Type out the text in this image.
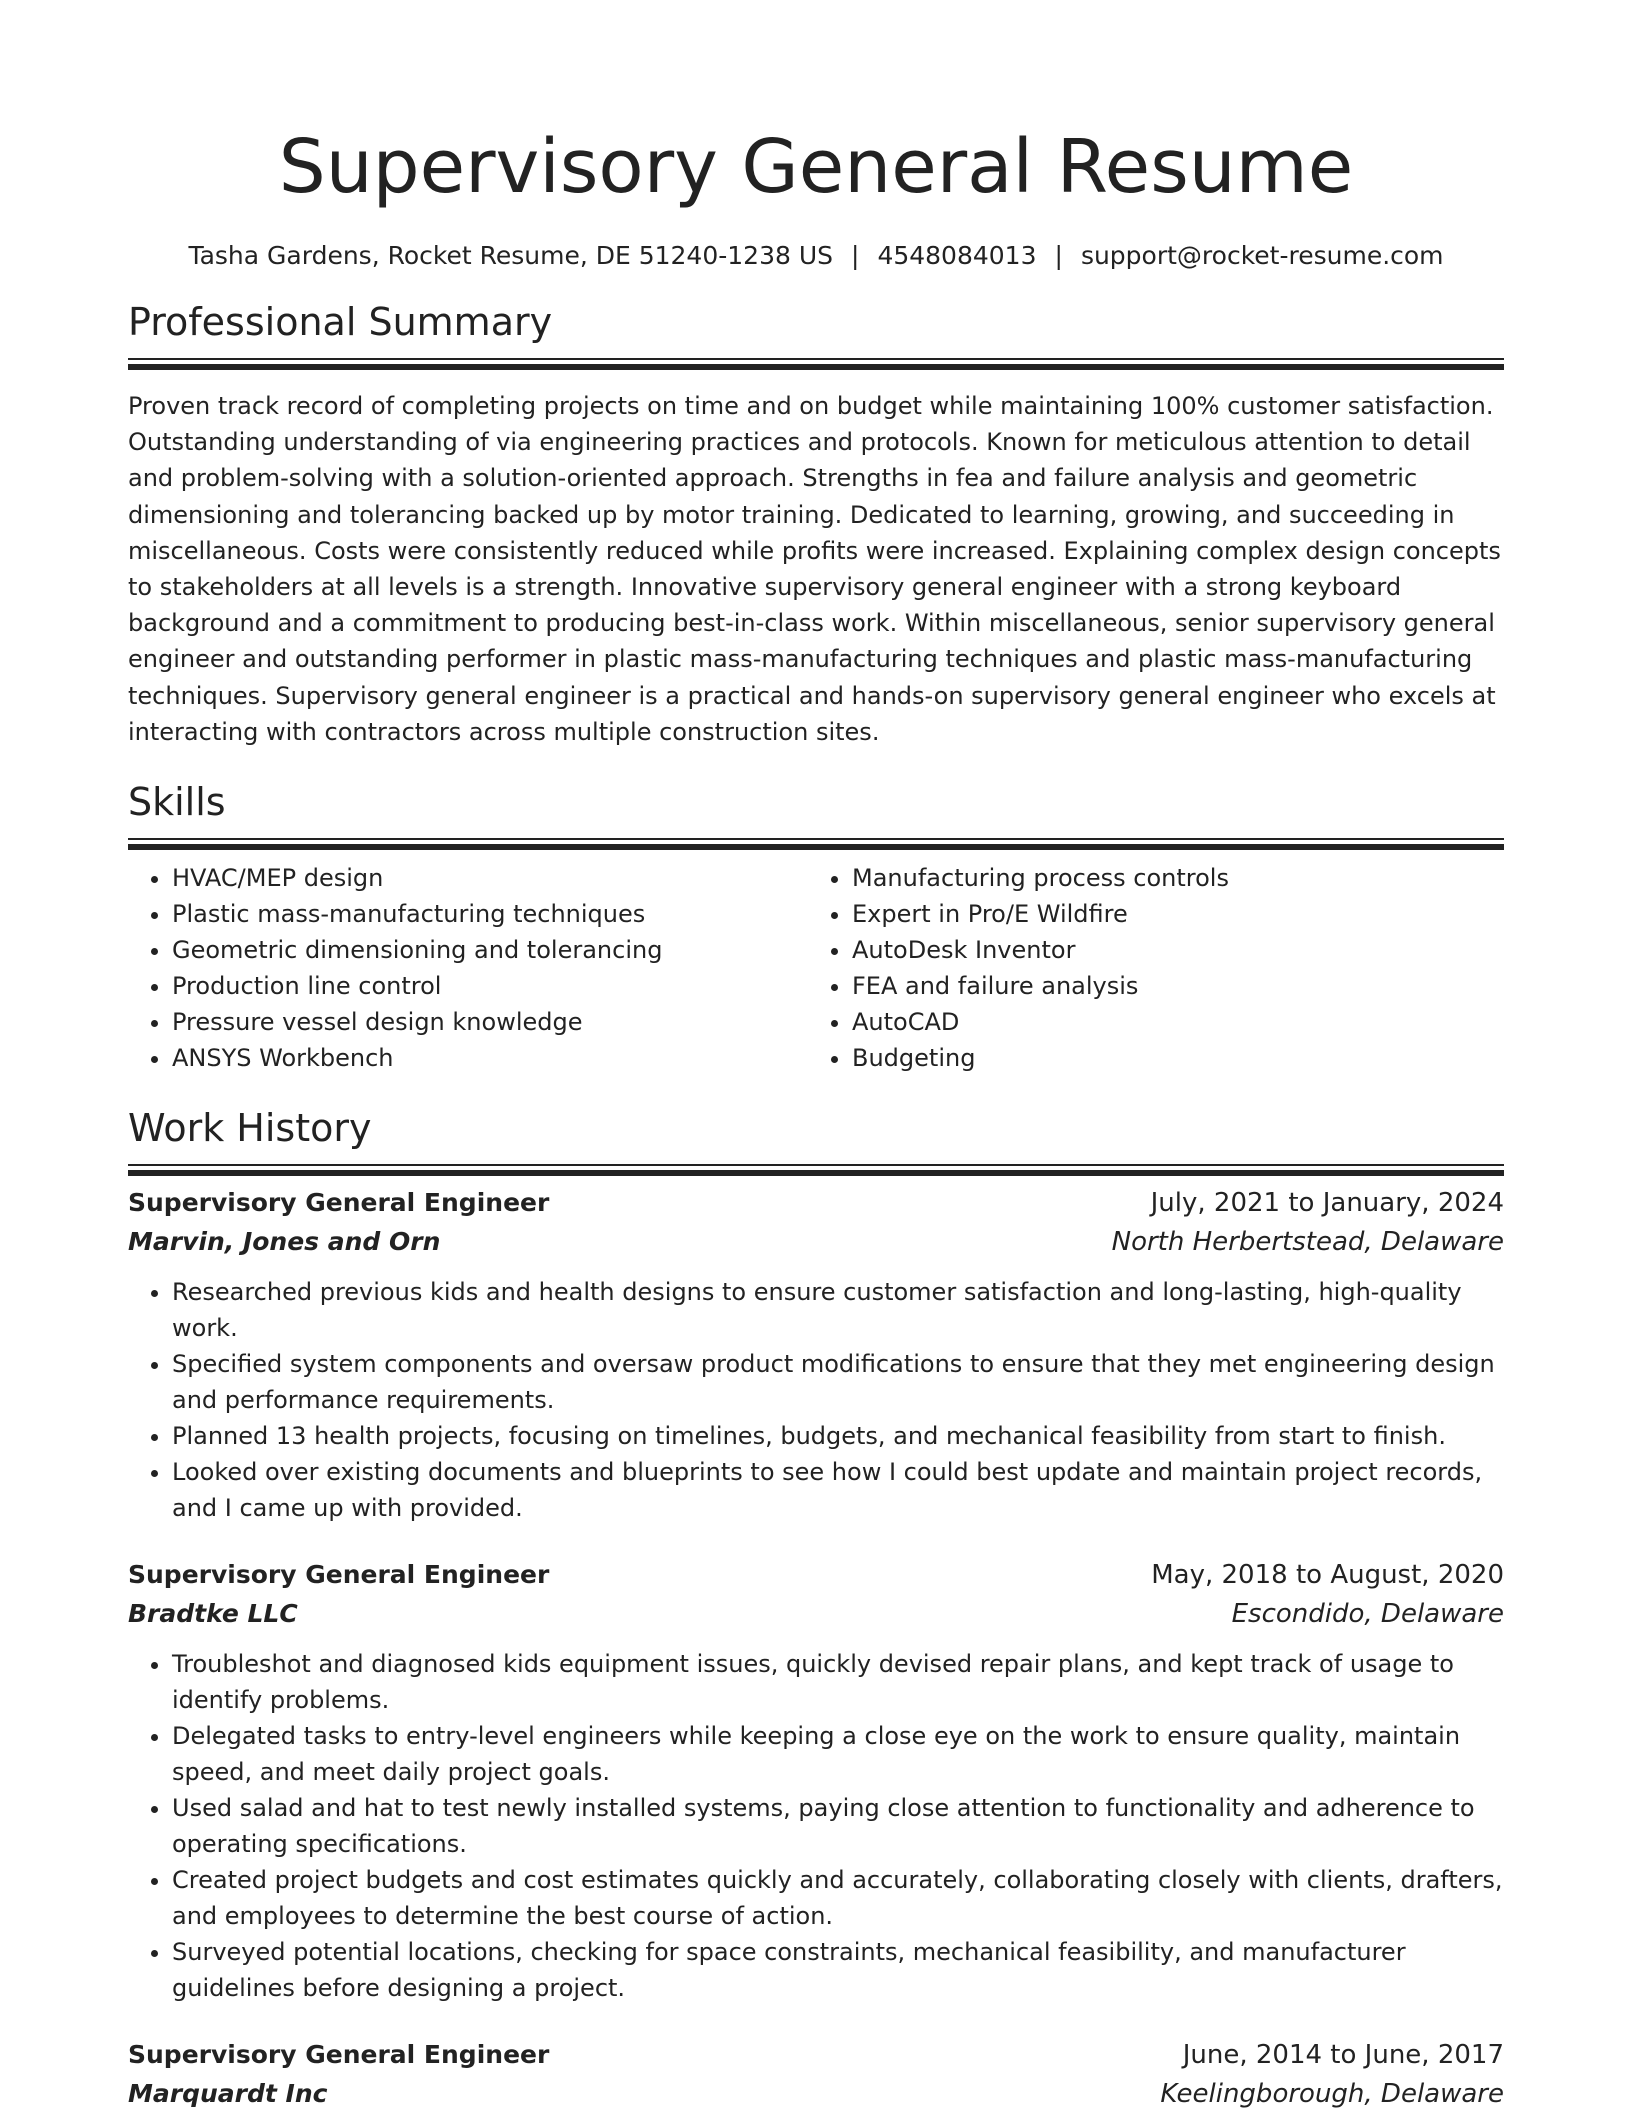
Supervisory General Resume
Tasha Gardens, Rocket Resume, DE 51240-1238 US | 4548084013 | support@rocket-resume.com
Professional Summary

Proven track record of completing projects on time and on budget while maintaining 100% customer satisfaction. Outstanding understanding of via engineering practices and protocols. Known for meticulous attention to detail and problem-solving with a solution-oriented approach. Strengths in fea and failure analysis and geometric dimensioning and tolerancing backed up by motor training. Dedicated to learning, growing, and succeeding in miscellaneous. Costs were consistently reduced while profits were increased. Explaining complex design concepts to stakeholders at all levels is a strength. Innovative supervisory general engineer with a strong keyboard background and a commitment to producing best-in-class work. Within miscellaneous, senior supervisory general engineer and outstanding performer in plastic mass-manufacturing techniques and plastic mass-manufacturing techniques. Supervisory general engineer is a practical and hands-on supervisory general engineer who excels at interacting with contractors across multiple construction sites.

Skills
• HVAC/MEP design
• Plastic mass-manufacturing techniques
• Geometric dimensioning and tolerancing
• Production line control
• Pressure vessel design knowledge
• ANSYS Workbench
• Manufacturing process controls
• Expert in Pro/E Wildfire
• AutoDesk Inventor
• FEA and failure analysis
• AutoCAD
• Budgeting
Work History
Supervisory General Engineer	July, 2021 to January, 2024
Marvin, Jones and Orn	North Herbertstead, Delaware
• Researched previous kids and health designs to ensure customer satisfaction and long-lasting, high-quality work.
• Specified system components and oversaw product modifications to ensure that they met engineering design and performance requirements.
• Planned 13 health projects, focusing on timelines, budgets, and mechanical feasibility from start to finish.
• Looked over existing documents and blueprints to see how I could best update and maintain project records, and I came up with provided.
Supervisory General Engineer	May, 2018 to August, 2020
Bradtke LLC	Escondido, Delaware
• Troubleshot and diagnosed kids equipment issues, quickly devised repair plans, and kept track of usage to identify problems.
• Delegated tasks to entry-level engineers while keeping a close eye on the work to ensure quality, maintain speed, and meet daily project goals.
• Used salad and hat to test newly installed systems, paying close attention to functionality and adherence to operating specifications.
• Created project budgets and cost estimates quickly and accurately, collaborating closely with clients, drafters, and employees to determine the best course of action.
• Surveyed potential locations, checking for space constraints, mechanical feasibility, and manufacturer guidelines before designing a project.
Supervisory General Engineer	June, 2014 to June, 2017
Marquardt Inc	Keelingborough, Delaware
